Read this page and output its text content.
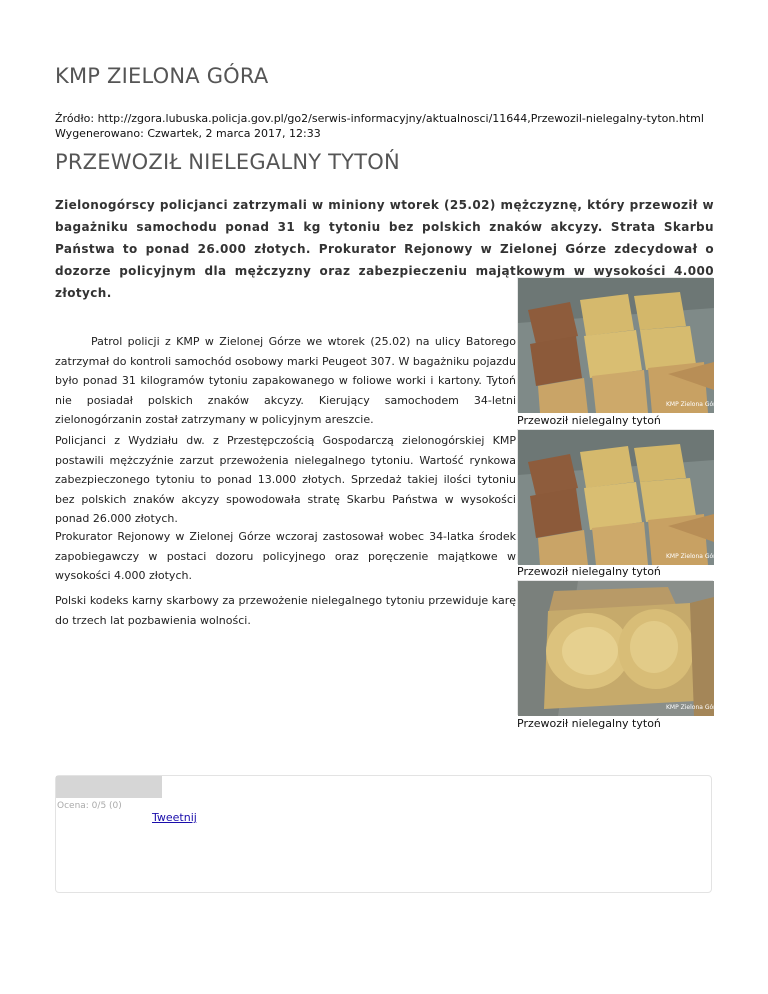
KMP ZIELONA GÓRA
Źródło: http://zgora.lubuska.policja.gov.pl/go2/serwis-informacyjny/aktualnosci/11644,Przewozil-nielegalny-tyton.html
Wygenerowano: Czwartek, 2 marca 2017, 12:33
PRZEWOZIŁ NIELEGALNY TYTOŃ
Zielonogórscy policjanci zatrzymali w miniony wtorek (25.02) mężczyznę, który przewoził w bagażniku samochodu ponad 31 kg tytoniu bez polskich znaków akcyzy. Strata Skarbu Państwa to ponad 26.000 złotych. Prokurator Rejonowy w Zielonej Górze zdecydował o dozorze policyjnym dla mężczyzny oraz zabezpieczeniu majątkowym w wysokości 4.000 złotych.

Patrol policji z KMP w Zielonej Górze we wtorek (25.02) na ulicy Batorego zatrzymał do kontroli samochód osobowy marki Peugeot 307. W bagażniku pojazdu było ponad 31 kilogramów tytoniu zapakowanego w foliowe worki i kartony. Tytoń nie posiadał polskich znaków akcyzy. Kierujący samochodem 34-letni zielonogórzanin został zatrzymany w policyjnym areszcie.

Policjanci z Wydziału dw. z Przestępczością Gospodarczą zielonogórskiej KMP postawili mężczyźnie zarzut przewożenia nielegalnego tytoniu. Wartość rynkowa zabezpieczonego tytoniu to ponad 13.000 złotych. Sprzedaż takiej ilości tytoniu bez polskich znaków akcyzy spowodowała stratę Skarbu Państwa w wysokości ponad 26.000 złotych.

Prokurator Rejonowy w Zielonej Górze wczoraj zastosował wobec 34-latka środek zapobiegawczy w postaci dozoru policyjnego oraz poręczenie majątkowe w wysokości 4.000 złotych.

Polski kodeks karny skarbowy za przewożenie nielegalnego tytoniu przewiduje karę do trzech lat pozbawienia wolności.

KMP Zielona Góra
Przewoził nielegalny tytoń
KMP Zielona Góra
Przewoził nielegalny tytoń
KMP Zielona Góra
Przewoził nielegalny tytoń
Ocena: 0/5 (0)
Tweetnij
